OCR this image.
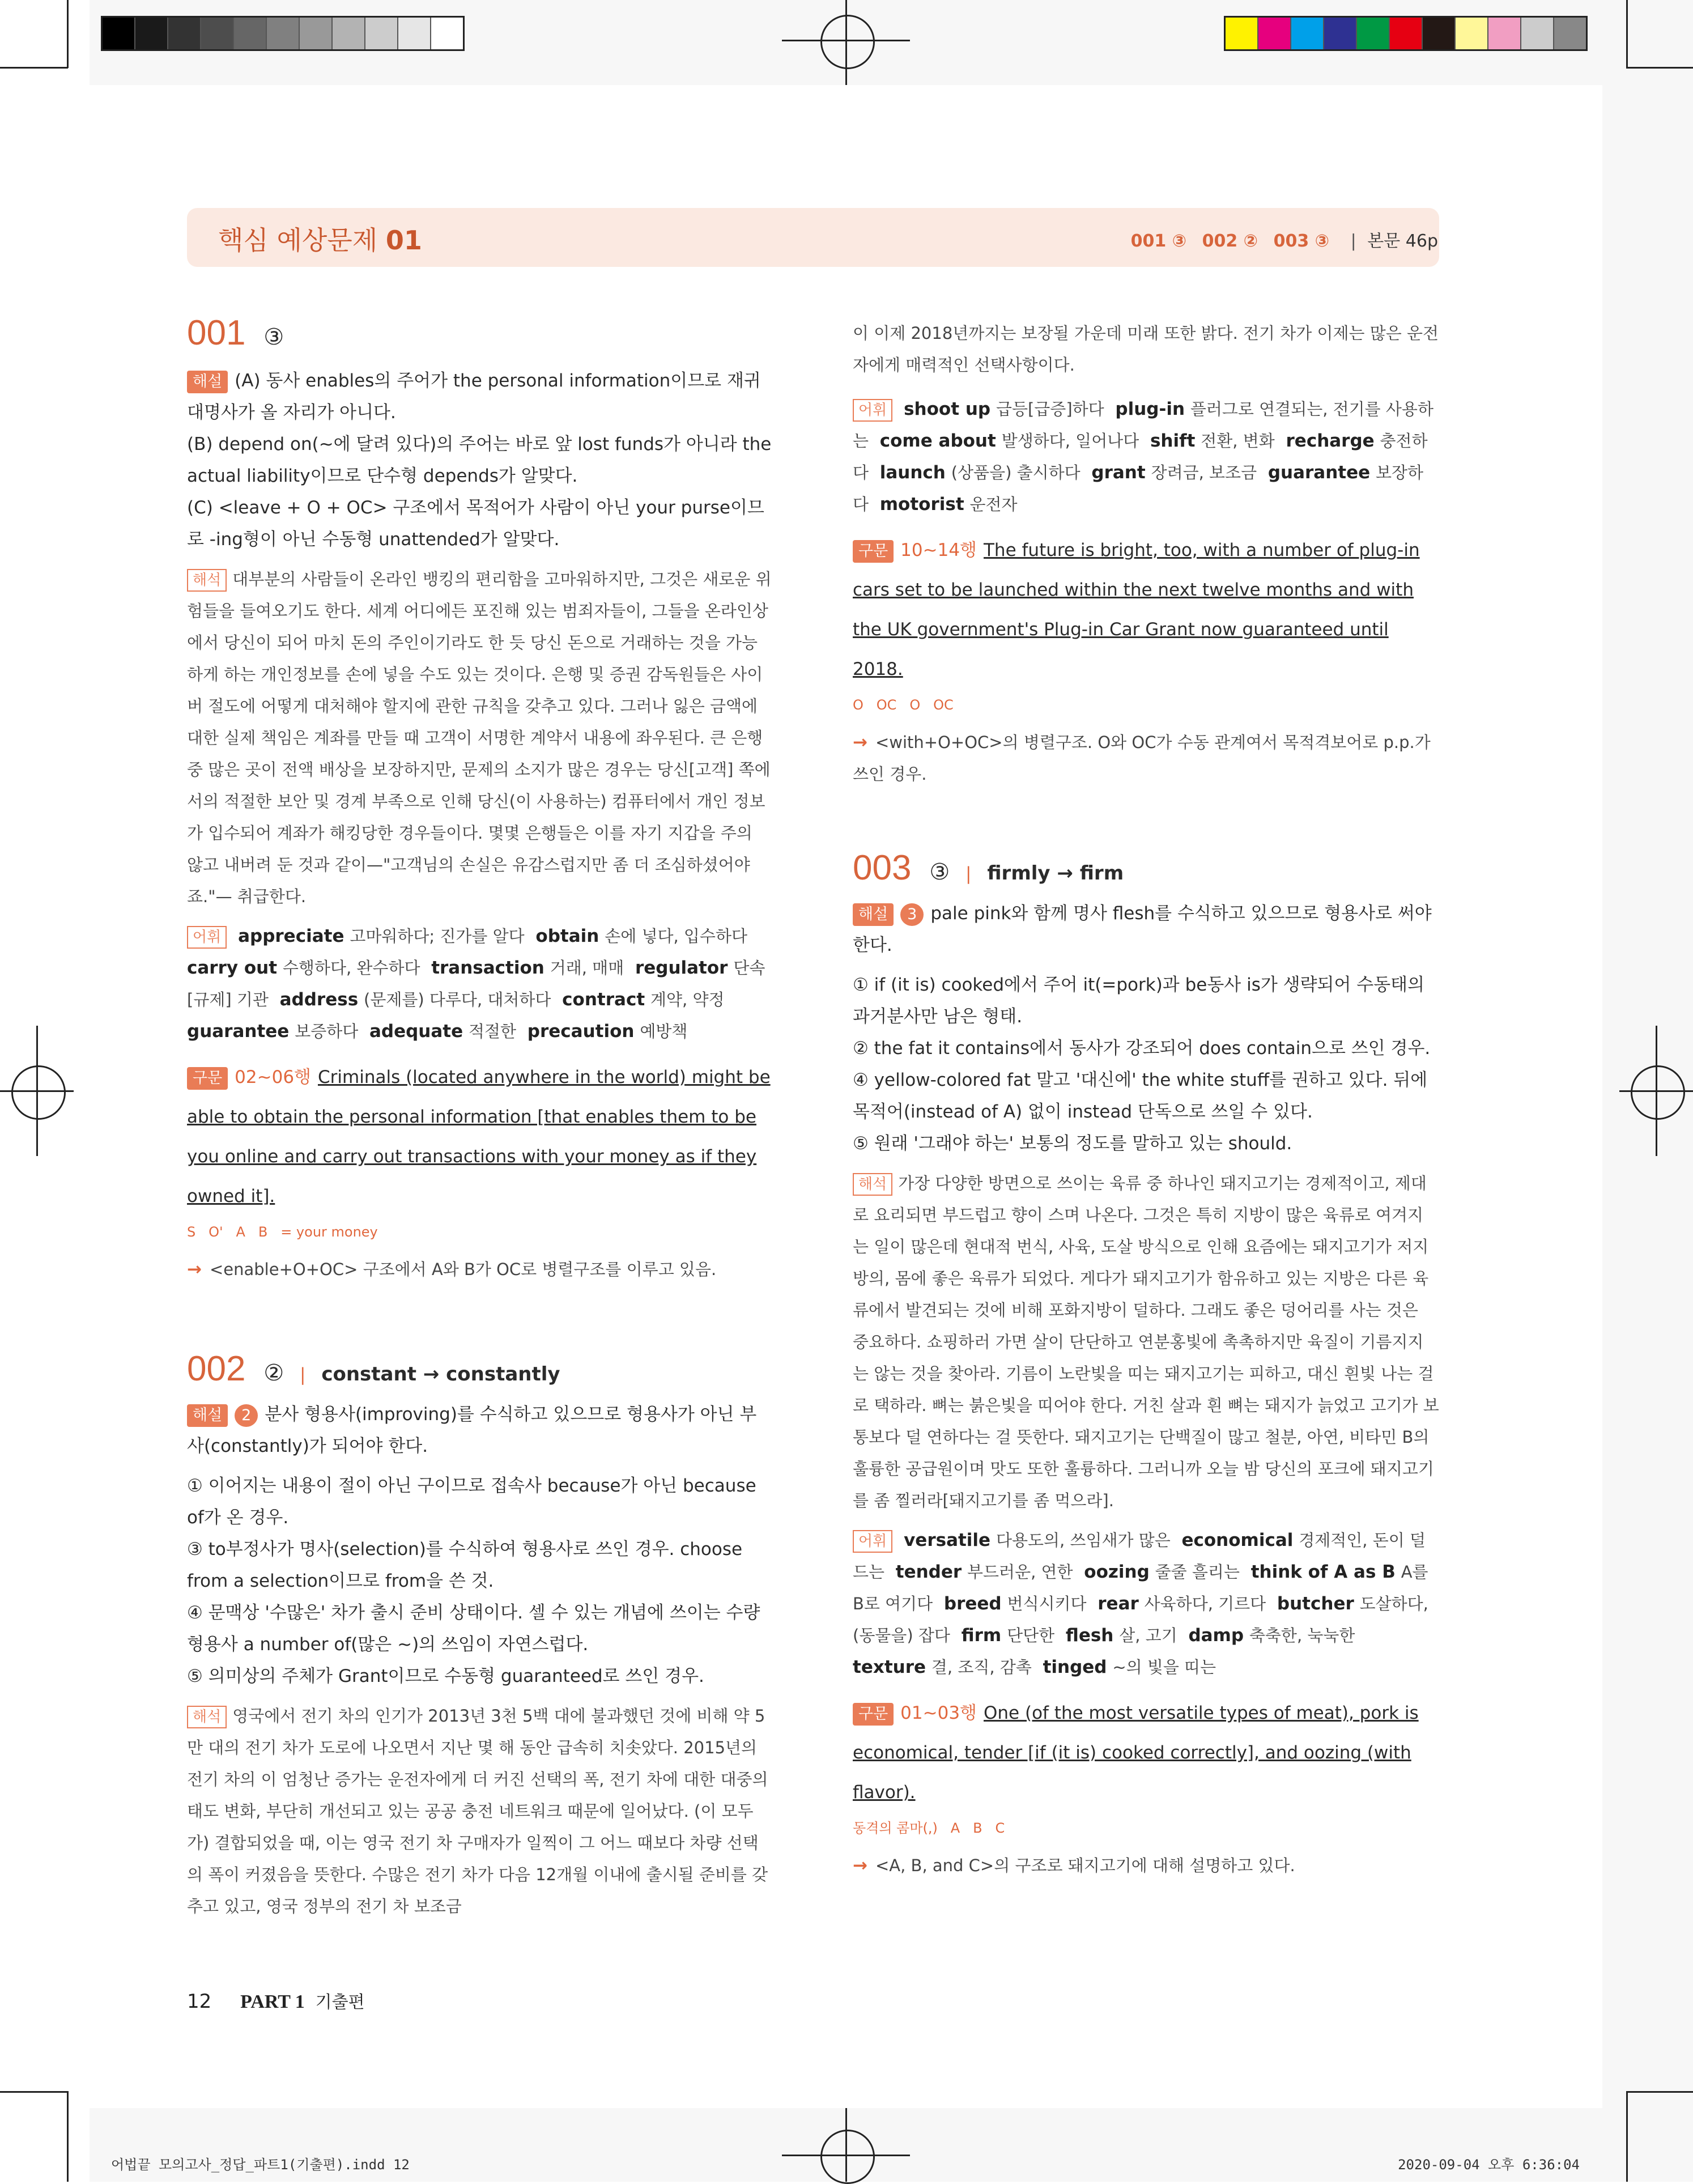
핵심 예상문제 01	001 ③ 002 ② 003 ③ | 본문 46p
001 ③

해설 (A) 동사 enables의 주어가 the personal information이므로 재귀대명사가 올 자리가 아니다.

(B) depend on(~에 달려 있다)의 주어는 바로 앞 lost funds가 아니라 the actual liability이므로 단수형 depends가 알맞다.

(C) <leave + O + OC> 구조에서 목적어가 사람이 아닌 your purse이므로 -ing형이 아닌 수동형 unattended가 알맞다.

해석 대부분의 사람들이 온라인 뱅킹의 편리함을 고마워하지만, 그것은 새로운 위험들을 들여오기도 한다. 세계 어디에든 포진해 있는 범죄자들이, 그들을 온라인상에서 당신이 되어 마치 돈의 주인이기라도 한 듯 당신 돈으로 거래하는 것을 가능하게 하는 개인정보를 손에 넣을 수도 있는 것이다. 은행 및 증권 감독원들은 사이버 절도에 어떻게 대처해야 할지에 관한 규칙을 갖추고 있다. 그러나 잃은 금액에 대한 실제 책임은 계좌를 만들 때 고객이 서명한 계약서 내용에 좌우된다. 큰 은행 중 많은 곳이 전액 배상을 보장하지만, 문제의 소지가 많은 경우는 당신[고객] 쪽에서의 적절한 보안 및 경계 부족으로 인해 당신(이 사용하는) 컴퓨터에서 개인 정보가 입수되어 계좌가 해킹당한 경우들이다. 몇몇 은행들은 이를 자기 지갑을 주의 않고 내버려 둔 것과 같이—"고객님의 손실은 유감스럽지만 좀 더 조심하셨어야죠."— 취급한다.

어휘 appreciate 고마워하다; 진가를 알다 obtain 손에 넣다, 입수하다  carry out 수행하다, 완수하다 transaction 거래, 매매 regulator 단속[규제] 기관 address (문제를) 다루다, 대처하다 contract 계약, 약정  guarantee 보증하다 adequate 적절한 precaution 예방책

구문 02~06행 Criminals (located anywhere in the world) might be able to obtain the personal information [that enables them to be you online and carry out transactions with your money as if they owned it].

S O' A B = your money

→ <enable+O+OC> 구조에서 A와 B가 OC로 병렬구조를 이루고 있음.

002 ② | constant → constantly

해설 2 분사 형용사(improving)를 수식하고 있으므로 형용사가 아닌 부사(constantly)가 되어야 한다.

① 이어지는 내용이 절이 아닌 구이므로 접속사 because가 아닌 because of가 온 경우.

③ to부정사가 명사(selection)를 수식하여 형용사로 쓰인 경우. choose from a selection이므로 from을 쓴 것.

④ 문맥상 '수많은' 차가 출시 준비 상태이다. 셀 수 있는 개념에 쓰이는 수량형용사 a number of(많은 ~)의 쓰임이 자연스럽다.

⑤ 의미상의 주체가 Grant이므로 수동형 guaranteed로 쓰인 경우.

해석 영국에서 전기 차의 인기가 2013년 3천 5백 대에 불과했던 것에 비해 약 5만 대의 전기 차가 도로에 나오면서 지난 몇 해 동안 급속히 치솟았다. 2015년의 전기 차의 이 엄청난 증가는 운전자에게 더 커진 선택의 폭, 전기 차에 대한 대중의 태도 변화, 부단히 개선되고 있는 공공 충전 네트워크 때문에 일어났다. (이 모두가) 결합되었을 때, 이는 영국 전기 차 구매자가 일찍이 그 어느 때보다 차량 선택의 폭이 커졌음을 뜻한다. 수많은 전기 차가 다음 12개월 이내에 출시될 준비를 갖추고 있고, 영국 정부의 전기 차 보조금

이 이제 2018년까지는 보장될 가운데 미래 또한 밝다. 전기 차가 이제는 많은 운전자에게 매력적인 선택사항이다.

어휘 shoot up 급등[급증]하다 plug-in 플러그로 연결되는, 전기를 사용하는 come about 발생하다, 일어나다 shift 전환, 변화 recharge 충전하다 launch (상품을) 출시하다 grant 장려금, 보조금 guarantee 보장하다 motorist 운전자

구문 10~14행 The future is bright, too, with a number of plug-in cars set to be launched within the next twelve months and with the UK government's Plug-in Car Grant now guaranteed until 2018.

O OC O OC

→ <with+O+OC>의 병렬구조. O와 OC가 수동 관계여서 목적격보어로 p.p.가 쓰인 경우.

003 ③ | firmly → firm

해설 3 pale pink와 함께 명사 flesh를 수식하고 있으므로 형용사로 써야 한다.

① if (it is) cooked에서 주어 it(=pork)과 be동사 is가 생략되어 수동태의 과거분사만 남은 형태.

② the fat it contains에서 동사가 강조되어 does contain으로 쓰인 경우.

④ yellow-colored fat 말고 '대신에' the white stuff를 권하고 있다. 뒤에 목적어(instead of A) 없이 instead 단독으로 쓰일 수 있다.

⑤ 원래 '그래야 하는' 보통의 정도를 말하고 있는 should.

해석 가장 다양한 방면으로 쓰이는 육류 중 하나인 돼지고기는 경제적이고, 제대로 요리되면 부드럽고 향이 스며 나온다. 그것은 특히 지방이 많은 육류로 여겨지는 일이 많은데 현대적 번식, 사육, 도살 방식으로 인해 요즘에는 돼지고기가 저지방의, 몸에 좋은 육류가 되었다. 게다가 돼지고기가 함유하고 있는 지방은 다른 육류에서 발견되는 것에 비해 포화지방이 덜하다. 그래도 좋은 덩어리를 사는 것은 중요하다. 쇼핑하러 가면 살이 단단하고 연분홍빛에 촉촉하지만 육질이 기름지지는 않는 것을 찾아라. 기름이 노란빛을 띠는 돼지고기는 피하고, 대신 흰빛 나는 걸로 택하라. 뼈는 붉은빛을 띠어야 한다. 거친 살과 흰 뼈는 돼지가 늙었고 고기가 보통보다 덜 연하다는 걸 뜻한다. 돼지고기는 단백질이 많고 철분, 아연, 비타민 B의 훌륭한 공급원이며 맛도 또한 훌륭하다. 그러니까 오늘 밤 당신의 포크에 돼지고기를 좀 찔러라[돼지고기를 좀 먹으라].

어휘 versatile 다용도의, 쓰임새가 많은 economical 경제적인, 돈이 덜 드는 tender 부드러운, 연한 oozing 줄줄 흘리는 think of A as B A를 B로 여기다 breed 번식시키다 rear 사육하다, 기르다 butcher 도살하다, (동물을) 잡다 firm 단단한 flesh 살, 고기 damp 축축한, 눅눅한  texture 결, 조직, 감촉 tinged ~의 빛을 띠는

구문 01~03행 One (of the most versatile types of meat), pork is economical, tender [if (it is) cooked correctly], and oozing (with flavor).

동격의 콤마(,) A B C

→ <A, B, and C>의 구조로 돼지고기에 대해 설명하고 있다.

12 PART 1 기출편
어법끝 모의고사_정답_파트1(기출편).indd 12	2020-09-04 오후 6:36:04
